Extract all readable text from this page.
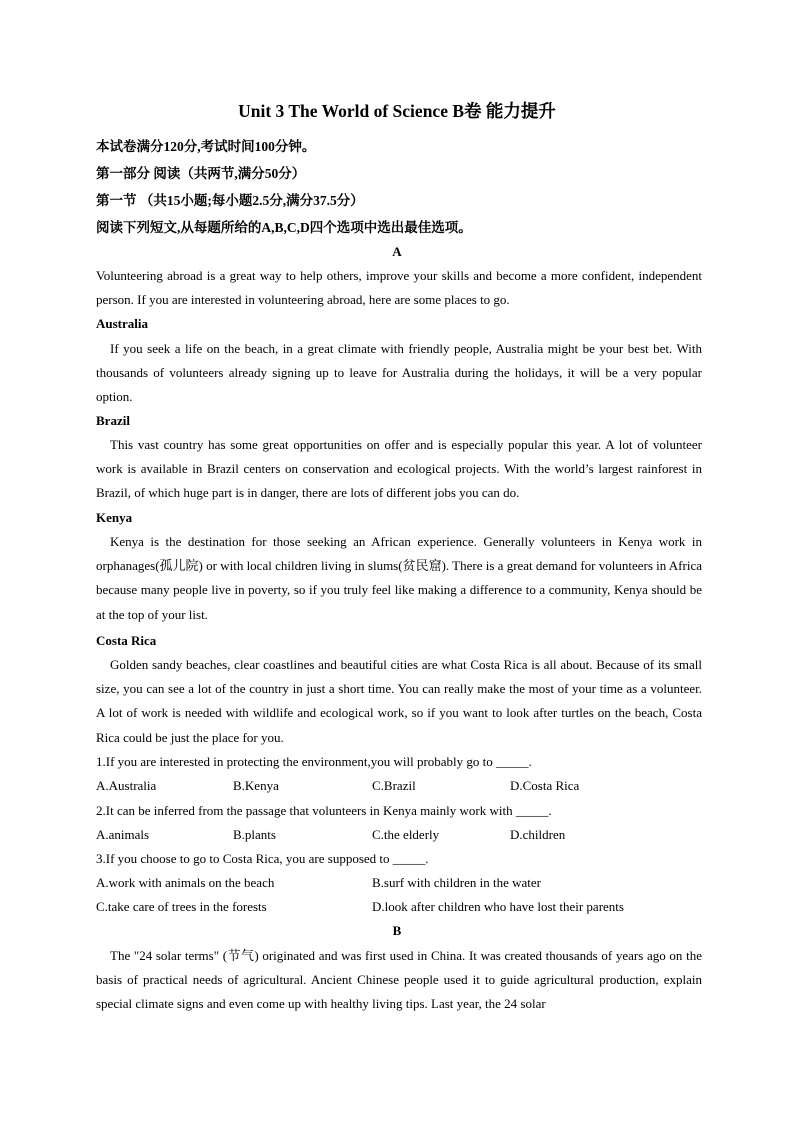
Unit 3 The World of Science B卷 能力提升
本试卷满分120分,考试时间100分钟。
第一部分 阅读（共两节,满分50分）
第一节 （共15小题;每小题2.5分,满分37.5分）
阅读下列短文,从每题所给的A,B,C,D四个选项中选出最佳选项。
A

Volunteering abroad is a great way to help others, improve your skills and become a more confident, independent person. If you are interested in volunteering abroad, here are some places to go.

Australia

If you seek a life on the beach, in a great climate with friendly people, Australia might be your best bet. With thousands of volunteers already signing up to leave for Australia during the holidays, it will be a very popular option.

Brazil

This vast country has some great opportunities on offer and is especially popular this year. A lot of volunteer work is available in Brazil centers on conservation and ecological projects. With the world’s largest rainforest in Brazil, of which huge part is in danger, there are lots of different jobs you can do.

Kenya

Kenya is the destination for those seeking an African experience. Generally volunteers in Kenya work in orphanages(孤儿院) or with local children living in slums(贫民窟). There is a great demand for volunteers in Africa because many people live in poverty, so if you truly feel like making a difference to a community, Kenya should be at the top of your list.

Costa Rica

Golden sandy beaches, clear coastlines and beautiful cities are what Costa Rica is all about. Because of its small size, you can see a lot of the country in just a short time. You can really make the most of your time as a volunteer. A lot of work is needed with wildlife and ecological work, so if you want to look after turtles on the beach, Costa Rica could be just the place for you.

1.If you are interested in protecting the environment,you will probably go to _____.
A.Australia	B.Kenya	C.Brazil	D.Costa Rica
2.It can be inferred from the passage that volunteers in Kenya mainly work with _____.
A.animals	B.plants	C.the elderly	D.children
3.If you choose to go to Costa Rica, you are supposed to _____.
A.work with animals on the beach	B.surf with children in the water
C.take care of trees in the forests	D.look after children who have lost their parents
B

The "24 solar terms" (节气) originated and was first used in China. It was created thousands of years ago on the basis of practical needs of agricultural. Ancient Chinese people used it to guide agricultural production, explain special climate signs and even come up with healthy living tips. Last year, the 24 solar
